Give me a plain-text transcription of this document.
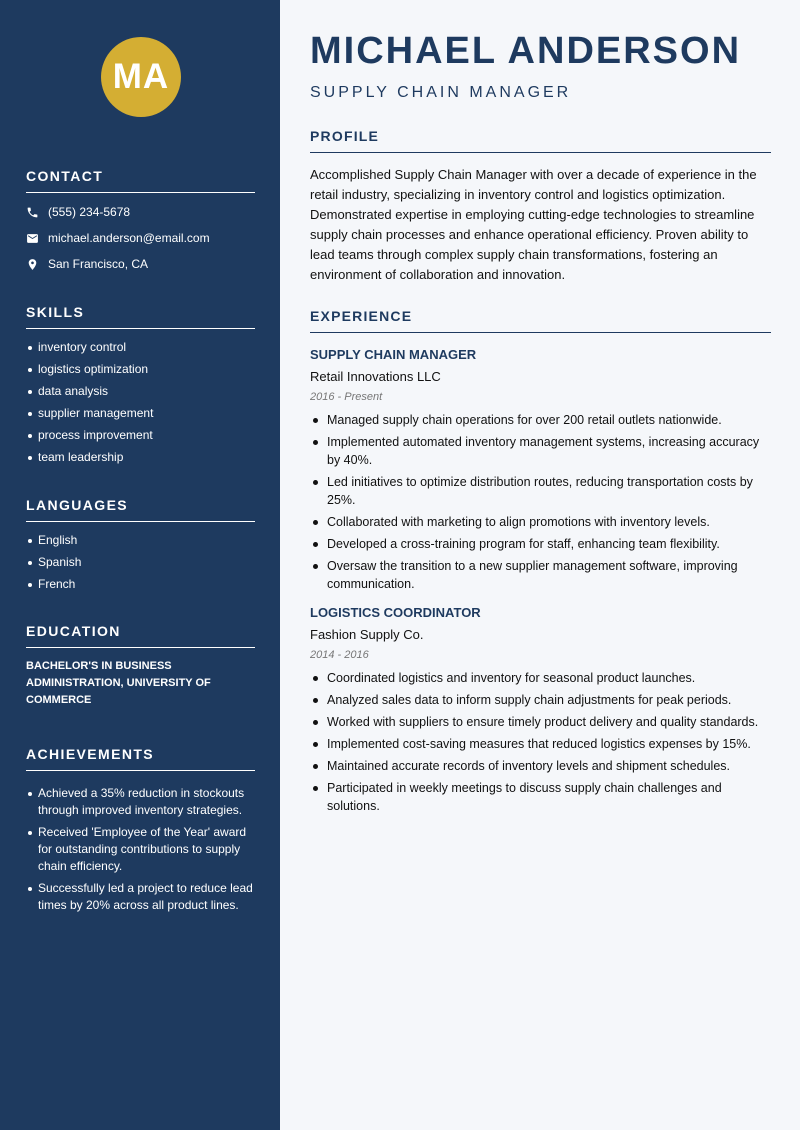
MA
CONTACT
(555) 234-5678
michael.anderson@email.com
San Francisco, CA
SKILLS
inventory control
logistics optimization
data analysis
supplier management
process improvement
team leadership
LANGUAGES
English
Spanish
French
EDUCATION
BACHELOR'S IN BUSINESS ADMINISTRATION, UNIVERSITY OF COMMERCE
ACHIEVEMENTS
Achieved a 35% reduction in stockouts through improved inventory strategies.
Received 'Employee of the Year' award for outstanding contributions to supply chain efficiency.
Successfully led a project to reduce lead times by 20% across all product lines.
MICHAEL ANDERSON
SUPPLY CHAIN MANAGER
PROFILE

Accomplished Supply Chain Manager with over a decade of experience in the retail industry, specializing in inventory control and logistics optimization. Demonstrated expertise in employing cutting-edge technologies to streamline supply chain processes and enhance operational efficiency. Proven ability to lead teams through complex supply chain transformations, fostering an environment of collaboration and innovation.

EXPERIENCE
SUPPLY CHAIN MANAGER
Retail Innovations LLC
2016 - Present
Managed supply chain operations for over 200 retail outlets nationwide.
Implemented automated inventory management systems, increasing accuracy by 40%.
Led initiatives to optimize distribution routes, reducing transportation costs by 25%.
Collaborated with marketing to align promotions with inventory levels.
Developed a cross-training program for staff, enhancing team flexibility.
Oversaw the transition to a new supplier management software, improving communication.
LOGISTICS COORDINATOR
Fashion Supply Co.
2014 - 2016
Coordinated logistics and inventory for seasonal product launches.
Analyzed sales data to inform supply chain adjustments for peak periods.
Worked with suppliers to ensure timely product delivery and quality standards.
Implemented cost-saving measures that reduced logistics expenses by 15%.
Maintained accurate records of inventory levels and shipment schedules.
Participated in weekly meetings to discuss supply chain challenges and solutions.
